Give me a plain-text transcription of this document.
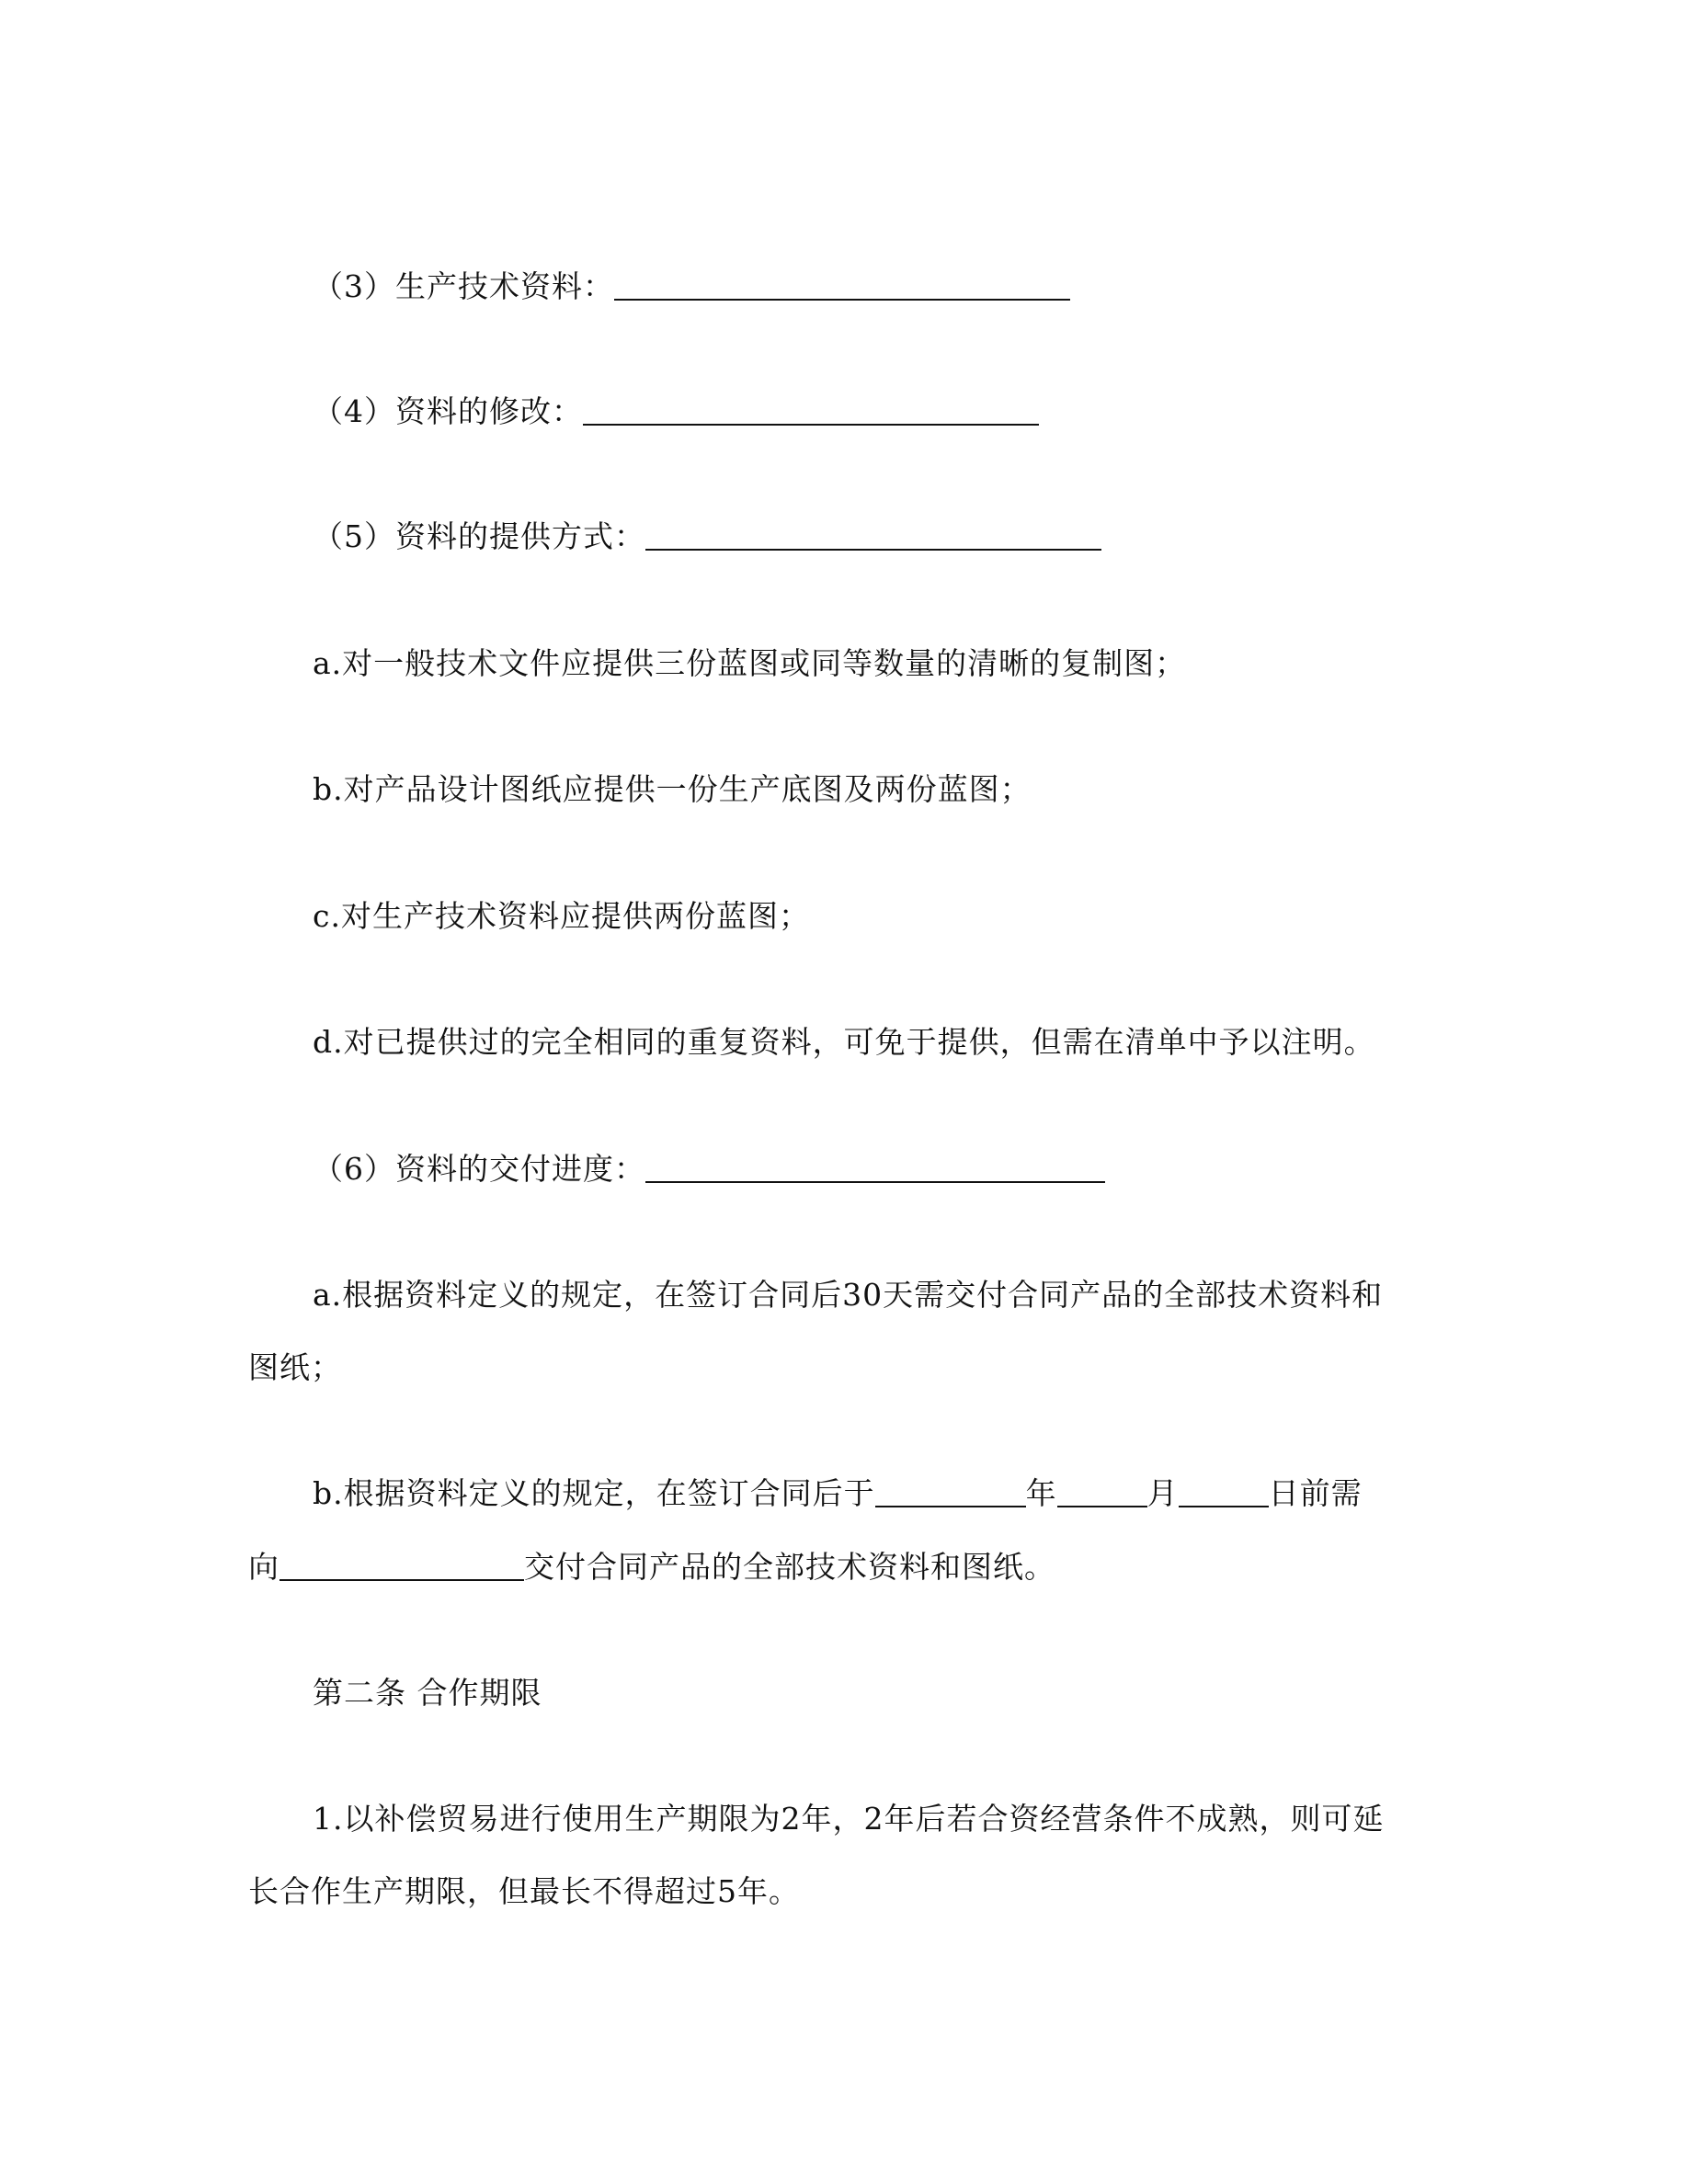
（3）生产技术资料：
（4）资料的修改：
（5）资料的提供方式：
a.对一般技术文件应提供三份蓝图或同等数量的清晰的复制图；
b.对产品设计图纸应提供一份生产底图及两份蓝图；
c.对生产技术资料应提供两份蓝图；
d.对已提供过的完全相同的重复资料，可免于提供，但需在清单中予以注明。
（6）资料的交付进度：
a.根据资料定义的规定，在签订合同后30天需交付合同产品的全部技术资料和
图纸；
b.根据资料定义的规定，在签订合同后于	年	月	日前需
向	交付合同产品的全部技术资料和图纸。
第二条 合作期限
1.以补偿贸易进行使用生产期限为2年，2年后若合资经营条件不成熟，则可延
长合作生产期限，但最长不得超过5年。
